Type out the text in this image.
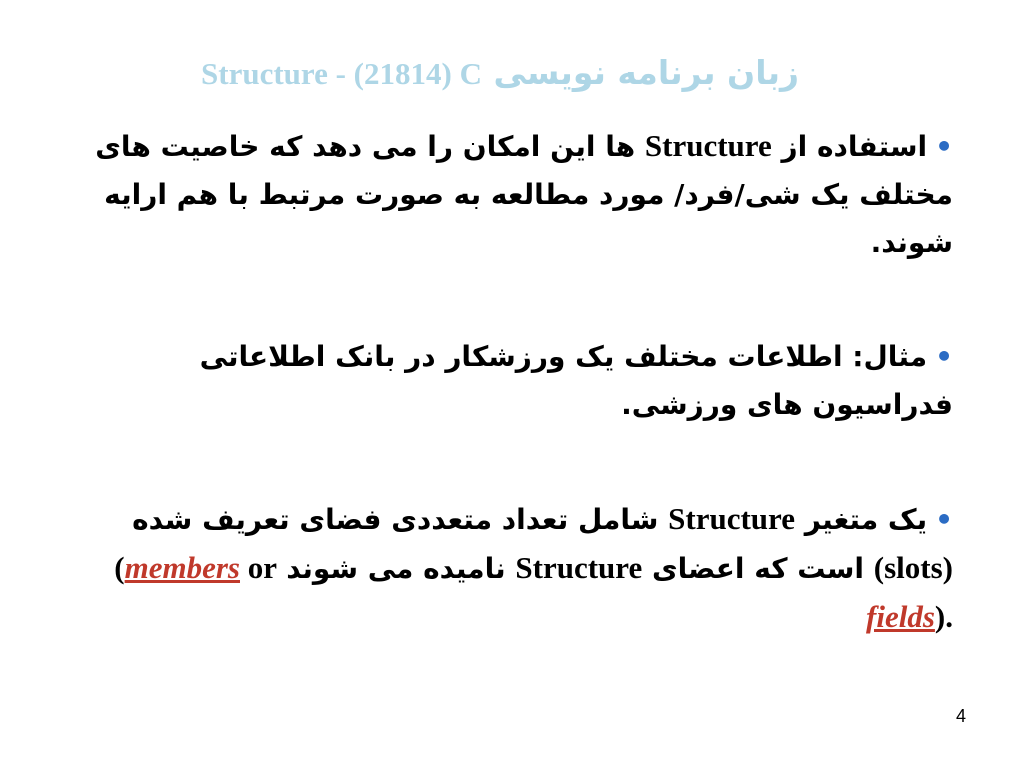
Structure - (21814) C زبان برنامه نویسی

•استفاده از Structure ها این امکان را می دهد که خاصیت های مختلف یک شی/فرد/ مورد مطالعه به صورت مرتبط با هم ارایه شوند.

•مثال: اطلاعات مختلف یک ورزشکار در بانک اطلاعاتی فدراسیون های ورزشی.

•یک متغیر Structure شامل تعداد متعددی فضای تعریف شده (slots) است که اعضای Structure نامیده می شوند (members or fields).

4
